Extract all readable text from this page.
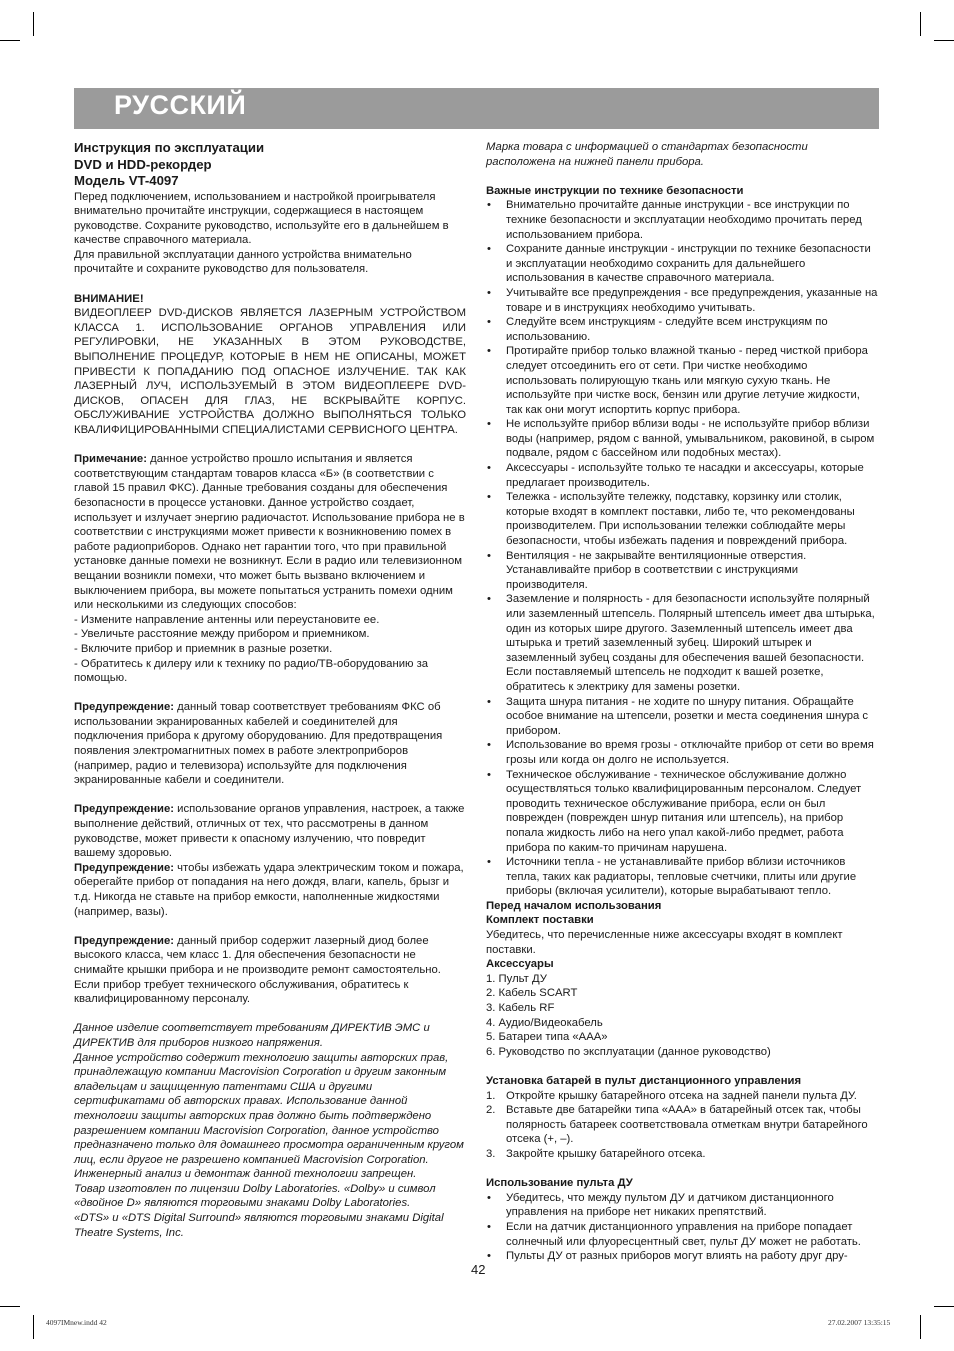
РУССКИЙ
Инструкция по эксплуатации
DVD и HDD-рекордер
Модель VT-4097

Перед подключением, использованием и настройкой проигрывателя внимательно прочитайте инструкции, содержащиеся в настоящем руководстве. Сохраните руководство, используйте его в дальнейшем в качестве справочного материала.

Для правильной эксплуатации данного устройства внимательно прочитайте и сохраните руководство для пользователя.

ВНИМАНИЕ!

ВИДЕОПЛЕЕР DVD-ДИСКОВ ЯВЛЯЕТСЯ ЛАЗЕРНЫМ УСТРОЙСТВОМ КЛАССА 1. ИСПОЛЬЗОВАНИЕ ОРГАНОВ УПРАВЛЕНИЯ ИЛИ РЕГУЛИРОВКИ, НЕ УКАЗАННЫХ В ЭТОМ РУКОВОДСТВЕ, ВЫПОЛНЕНИЕ ПРОЦЕДУР, КОТОРЫЕ В НЕМ НЕ ОПИСАНЫ, МОЖЕТ ПРИВЕСТИ К ПОПАДАНИЮ ПОД ОПАСНОЕ ИЗЛУЧЕНИЕ. ТАК КАК ЛАЗЕРНЫЙ ЛУЧ, ИСПОЛЬЗУЕМЫЙ В ЭТОМ ВИДЕОПЛЕЕРЕ DVD-ДИСКОВ, ОПАСЕН ДЛЯ ГЛАЗ, НЕ ВСКРЫВАЙТЕ КОРПУС. ОБСЛУЖИВАНИЕ УСТРОЙСТВА ДОЛЖНО ВЫПОЛНЯТЬСЯ ТОЛЬКО КВАЛИФИЦИРОВАННЫМИ СПЕЦИАЛИСТАМИ СЕРВИСНОГО ЦЕНТРА.

Примечание: данное устройство прошло испытания и является соответствующим стандартам товаров класса «Б» (в соответствии с главой 15 правил ФКС). Данные требования созданы для обеспечения безопасности в процессе установки. Данное устройство создает, использует и излучает энергию радиочастот. Использование прибора не в соответствии с инструкциями может привести к возникновению помех в работе радиоприборов. Однако нет гарантии того, что при правильной установке данные помехи не возникнут. Если в радио или телевизионном вещании возникли помехи, что может быть вызвано включением и выключением прибора, вы можете попытаться устранить помехи одним или несколькими из следующих способов:

- Измените направление антенны или переустановите ее.
- Увеличьте расстояние между прибором и приемником.
- Включите прибор и приемник в разные розетки.
- Обратитесь к дилеру или к технику по радио/ТВ-оборудованию за помощью.

Предупреждение: данный товар соответствует требованиям ФКС об использовании экранированных кабелей и соединителей для подключения прибора к другому оборудованию. Для предотвращения появления электромагнитных помех в работе электроприборов (например, радио и телевизора) используйте для подключения экранированные кабели и соединители.

Предупреждение: использование органов управления, настроек, а также выполнение действий, отличных от тех, что рассмотрены в данном руководстве, может привести к опасному излучению, что повредит вашему здоровью.

Предупреждение: чтобы избежать удара электрическим током и пожара, оберегайте прибор от попадания на него дождя, влаги, капель, брызг и т.д. Никогда не ставьте на прибор емкости, наполненные жидкостями (например, вазы).

Предупреждение: данный прибор содержит лазерный диод более высокого класса, чем класс 1. Для обеспечения безопасности не снимайте крышки прибора и не производите ремонт самостоятельно. Если прибор требует технического обслуживания, обратитесь к квалифицированному персоналу.

Данное изделие соответствует требованиям ДИРЕКТИВ ЭМС и ДИРЕКТИВ для приборов низкого напряжения.

Данное устройство содержит технологию защиты авторских прав, принадлежащую компании Macrovision Corporation и другим законным владельцам и защищенную патентами США и другими сертификатами об авторских правах. Использование данной технологии защиты авторских прав должно быть подтверждено разрешением компании Macrovision Corporation, данное устройство предназначено только для домашнего просмотра ограниченным кругом лиц, если другое не разрешено компанией Macrovision Corporation. Инженерный анализ и демонтаж данной технологии запрещен.

Товар изготовлен по лицензии Dolby Laboratories. «Dolby» и символ «двойное D» являются торговыми знаками Dolby Laboratories.

«DTS» и «DTS Digital Surround» являются торговыми знаками Digital Theatre Systems, Inc.

Марка товара с информацией о стандартах безопасности расположена на нижней панели прибора.

Важные инструкции по технике безопасности
• Внимательно прочитайте данные инструкции - все инструкции по технике безопасности и эксплуатации необходимо прочитать перед использованием прибора.
• Сохраните данные инструкции - инструкции по технике безопасности и эксплуатации необходимо сохранить для дальнейшего использования в качестве справочного материала.
• Учитывайте все предупреждения - все предупреждения, указанные на товаре и в инструкциях необходимо учитывать.
• Следуйте всем инструкциям - следуйте всем инструкциям по использованию.
• Протирайте прибор только влажной тканью - перед чисткой прибора следует отсоединить его от сети. При чистке необходимо использовать полирующую ткань или мягкую сухую ткань. Не используйте при чистке воск, бензин или другие летучие жидкости, так как они могут испортить корпус прибора.
• Не используйте прибор вблизи воды - не используйте прибор вблизи воды (например, рядом с ванной, умывальником, раковиной, в сыром подвале, рядом с бассейном или подобных местах).
• Аксессуары - используйте только те насадки и аксессуары, которые предлагает производитель.
• Тележка - используйте тележку, подставку, корзинку или столик, которые входят в комплект поставки, либо те, что рекомендованы производителем. При использовании тележки соблюдайте меры безопасности, чтобы избежать падения и повреждений прибора.
• Вентиляция - не закрывайте вентиляционные отверстия. Устанавливайте прибор в соответствии с инструкциями производителя.
• Заземление и полярность - для безопасности используйте полярный или заземленный штепсель. Полярный штепсель имеет два штырька, один из которых шире другого. Заземленный штепсель имеет два штырька и третий заземленный зубец. Широкий штырек и заземленный зубец созданы для обеспечения вашей безопасности. Если поставляемый штепсель не подходит к вашей розетке, обратитесь к электрику для замены розетки.
• Защита шнура питания - не ходите по шнуру питания. Обращайте особое внимание на штепсели, розетки и места соединения шнура с прибором.
• Использование во время грозы - отключайте прибор от сети во время грозы или когда он долго не используется.
• Техническое обслуживание - техническое обслуживание должно осуществляться только квалифицированным персоналом. Следует проводить техническое обслуживание прибора, если он был поврежден (поврежден шнур питания или штепсель), на прибор попала жидкость либо на него упал какой-либо предмет, работа прибора по каким-то причинам нарушена.
• Источники тепла - не устанавливайте прибор вблизи источников тепла, таких как радиаторы, тепловые счетчики, плиты или другие приборы (включая усилители), которые вырабатывают тепло.
Перед началом использования
Комплект поставки

Убедитесь, что перечисленные ниже аксессуары входят в комплект поставки.

Аксессуары
1. Пульт ДУ
2. Кабель SCART
3. Кабель RF
4. Аудио/Видеокабель
5. Батареи типа «ААА»
6. Руководство по эксплуатации (данное руководство)
Установка батарей в пульт дистанционного управления
1. Откройте крышку батарейного отсека на задней панели пульта ДУ.
2. Вставьте две батарейки типа «ААА» в батарейный отсек так, чтобы полярность батареек соответствовала отметкам внутри батарейного отсека (+, –).
3. Закройте крышку батарейного отсека.
Использование пульта ДУ
• Убедитесь, что между пультом ДУ и датчиком дистанционного управления на приборе нет никаких препятствий.
• Если на датчик дистанционного управления на приборе попадает солнечный или флуоресцентный свет, пульт ДУ может не работать.
• Пульты ДУ от разных приборов могут влиять на работу друг дру-
42
4097IMnew.indd 42	27.02.2007 13:35:15
